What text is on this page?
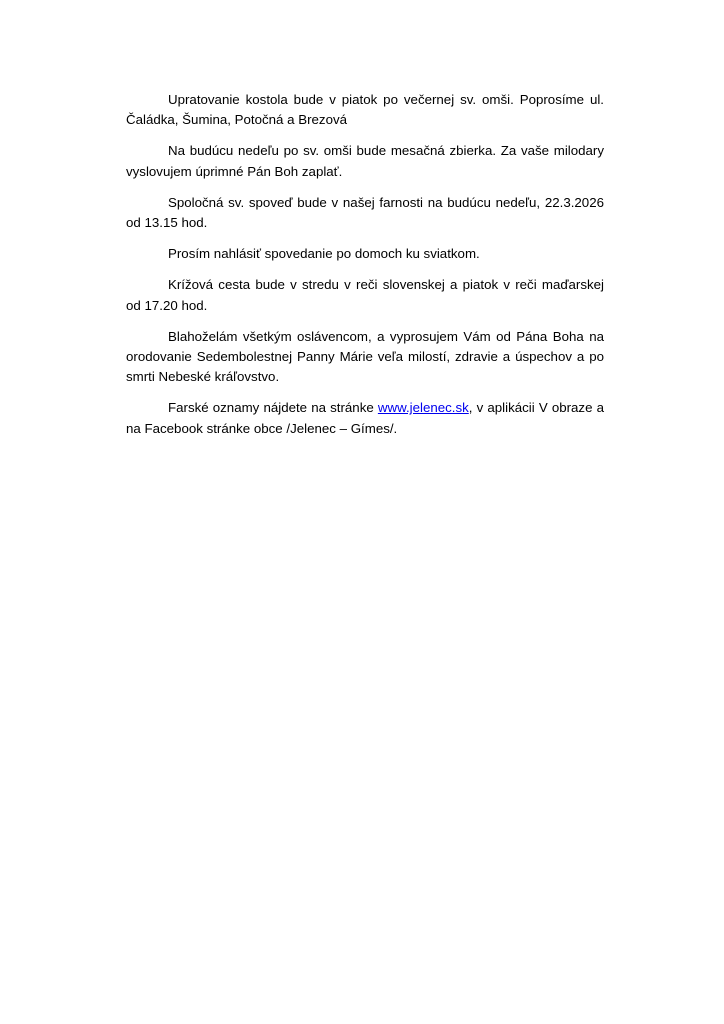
Upratovanie kostola bude v piatok po večernej sv. omši. Poprosíme ul. Čaládka, Šumina, Potočná a Brezová

Na budúcu nedeľu po sv. omši bude mesačná zbierka. Za vaše milodary vyslovujem úprimné Pán Boh zaplať.

Spoločná sv. spoveď bude v našej farnosti na budúcu nedeľu, 22.3.2026 od 13.15 hod.

Prosím nahlásiť spovedanie po domoch ku sviatkom.

Krížová cesta bude v stredu v reči slovenskej a piatok v reči maďarskej od 17.20 hod.

Blahoželám všetkým oslávencom, a vyprosujem Vám od Pána Boha na orodovanie Sedembolestnej Panny Márie veľa milostí, zdravie a úspechov a po smrti Nebeské kráľovstvo.

Farské oznamy nájdete na stránke www.jelenec.sk, v aplikácii V obraze a na Facebook stránke obce /Jelenec – Gímes/.
